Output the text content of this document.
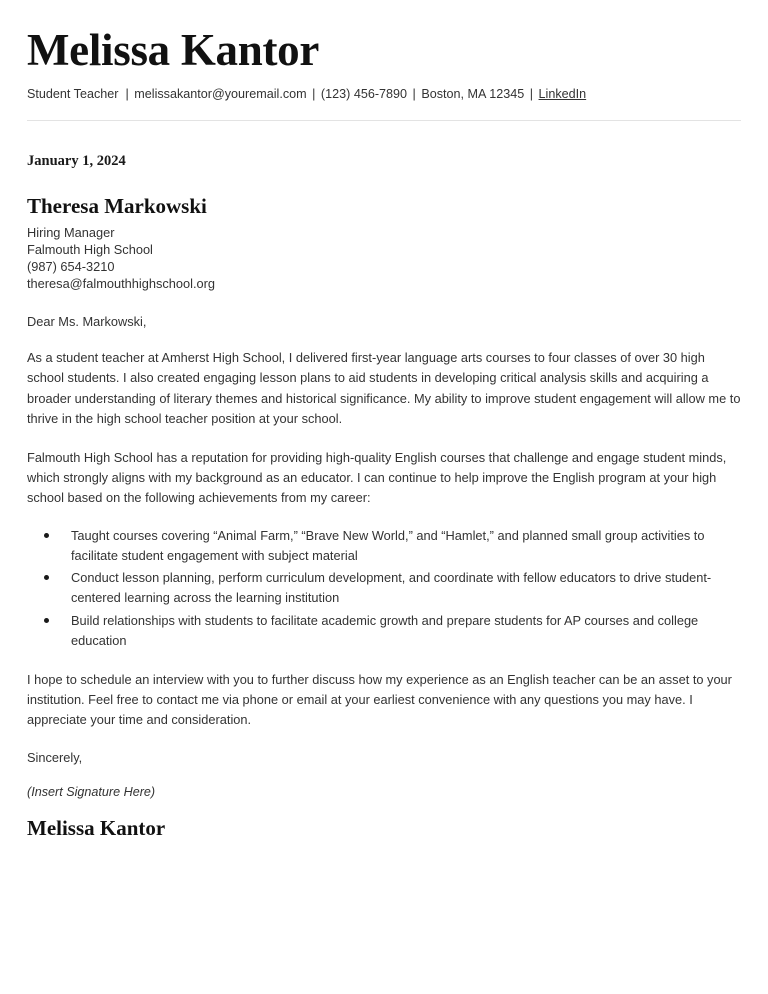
Melissa Kantor
Student Teacher | melissakantor@youremail.com | (123) 456-7890 | Boston, MA 12345 | LinkedIn
January 1, 2024
Theresa Markowski
Hiring Manager
Falmouth High School
(987) 654-3210
theresa@falmouthhighschool.org
Dear Ms. Markowski,

As a student teacher at Amherst High School, I delivered first-year language arts courses to four classes of over 30 high school students. I also created engaging lesson plans to aid students in developing critical analysis skills and acquiring a broader understanding of literary themes and historical significance. My ability to improve student engagement will allow me to thrive in the high school teacher position at your school.

Falmouth High School has a reputation for providing high-quality English courses that challenge and engage student minds, which strongly aligns with my background as an educator. I can continue to help improve the English program at your high school based on the following achievements from my career:

Taught courses covering “Animal Farm,” “Brave New World,” and “Hamlet,” and planned small group activities to facilitate student engagement with subject material
Conduct lesson planning, perform curriculum development, and coordinate with fellow educators to drive student-centered learning across the learning institution
Build relationships with students to facilitate academic growth and prepare students for AP courses and college education

I hope to schedule an interview with you to further discuss how my experience as an English teacher can be an asset to your institution. Feel free to contact me via phone or email at your earliest convenience with any questions you may have. I appreciate your time and consideration.

Sincerely,
(Insert Signature Here)
Melissa Kantor
